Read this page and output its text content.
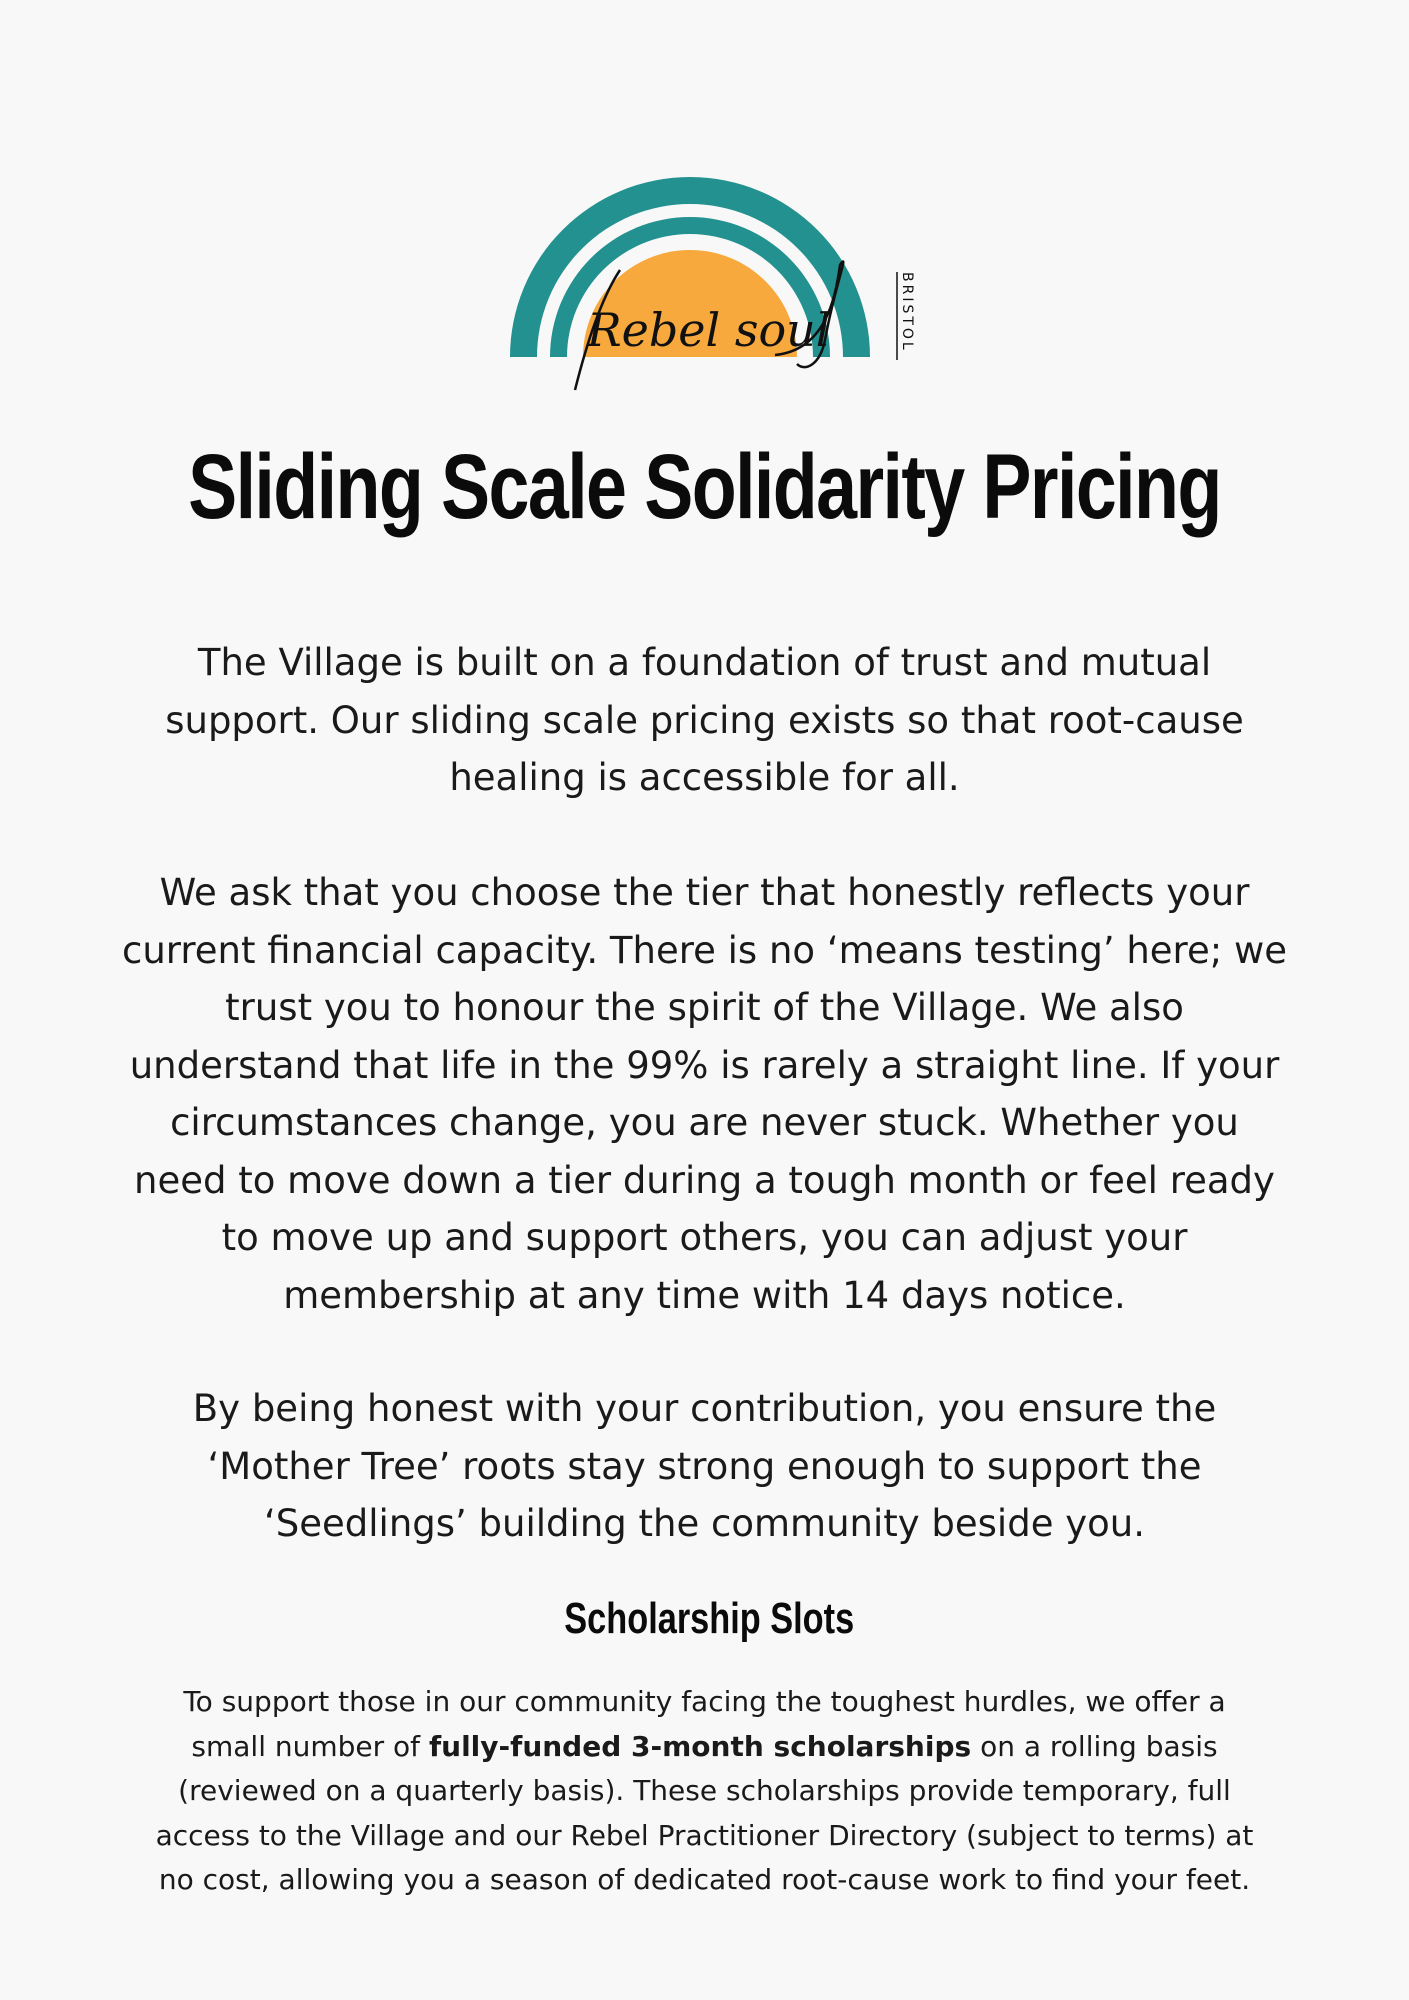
Rebel soul	BRISTOL
Sliding Scale Solidarity Pricing

The Village is built on a foundation of trust and mutual support. Our sliding scale pricing exists so that root-cause healing is accessible for all.

We ask that you choose the tier that honestly reflects your current financial capacity. There is no ‘means testing’ here; we trust you to honour the spirit of the Village. We also understand that life in the 99% is rarely a straight line. If your circumstances change, you are never stuck. Whether you need to move down a tier during a tough month or feel ready to move up and support others, you can adjust your membership at any time with 14 days notice.

By being honest with your contribution, you ensure the ‘Mother Tree’ roots stay strong enough to support the ‘Seedlings’ building the community beside you.

Scholarship Slots

To support those in our community facing the toughest hurdles, we offer a small number of fully-funded 3-month scholarships on a rolling basis (reviewed on a quarterly basis). These scholarships provide temporary, full access to the Village and our Rebel Practitioner Directory (subject to terms) at no cost, allowing you a season of dedicated root-cause work to find your feet.
